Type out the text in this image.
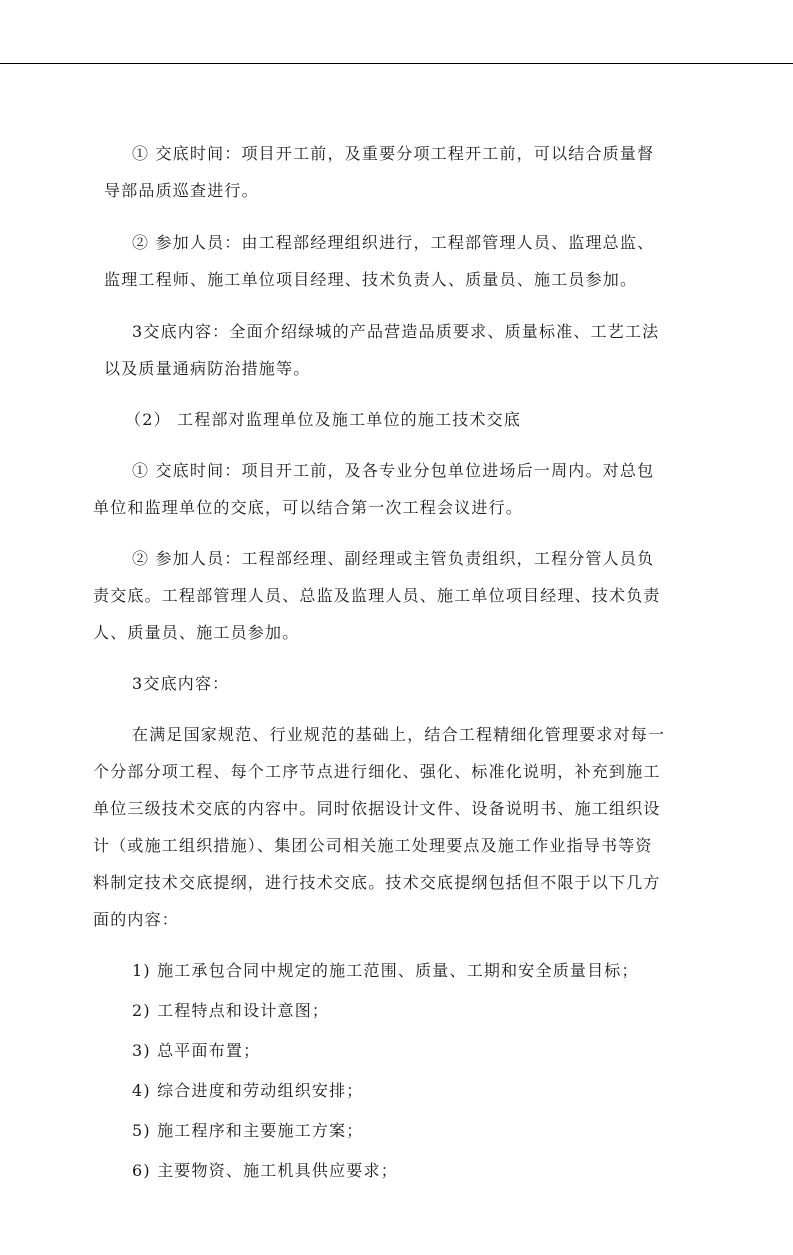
① 交底时间：项目开工前，及重要分项工程开工前，可以结合质量督
导部品质巡查进行。
② 参加人员：由工程部经理组织进行，工程部管理人员、监理总监、
监理工程师、施工单位项目经理、技术负责人、质量员、施工员参加。
3交底内容：全面介绍绿城的产品营造品质要求、质量标准、工艺工法
以及质量通病防治措施等。
（2） 工程部对监理单位及施工单位的施工技术交底
① 交底时间：项目开工前，及各专业分包单位进场后一周内。对总包
单位和监理单位的交底，可以结合第一次工程会议进行。
② 参加人员：工程部经理、副经理或主管负责组织，工程分管人员负
责交底。工程部管理人员、总监及监理人员、施工单位项目经理、技术负责
人、质量员、施工员参加。
3交底内容：
在满足国家规范、行业规范的基础上，结合工程精细化管理要求对每一
个分部分项工程、每个工序节点进行细化、强化、标准化说明，补充到施工
单位三级技术交底的内容中。同时依据设计文件、设备说明书、施工组织设
计（或施工组织措施）、集团公司相关施工处理要点及施工作业指导书等资
料制定技术交底提纲，进行技术交底。技术交底提纲包括但不限于以下几方
面的内容：
1) 施工承包合同中规定的施工范围、质量、工期和安全质量目标；
2) 工程特点和设计意图；
3) 总平面布置；
4) 综合进度和劳动组织安排；
5) 施工程序和主要施工方案；
6) 主要物资、施工机具供应要求；
